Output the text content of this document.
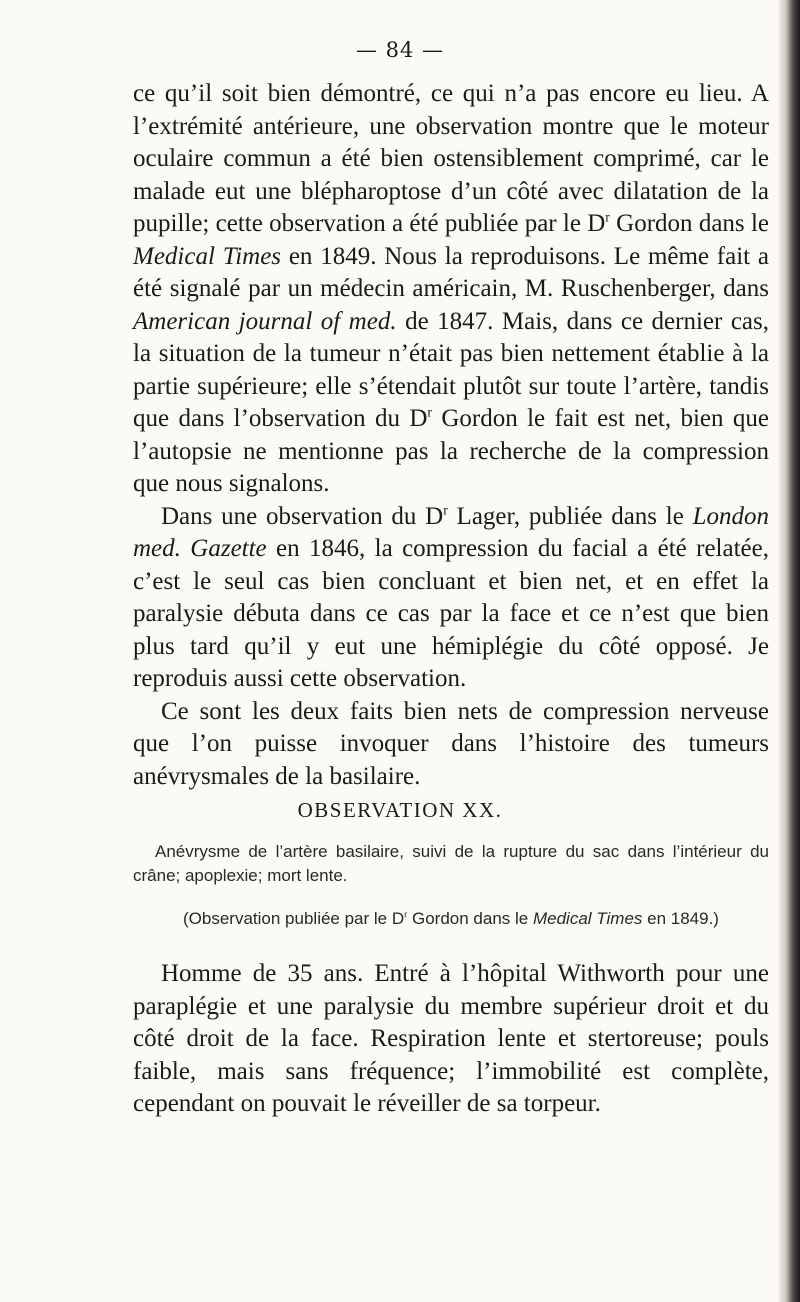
— 84 —

ce qu’il soit bien démontré, ce qui n’a pas encore eu lieu. A l’extrémité antérieure, une observation montre que le moteur oculaire commun a été bien ostensiblement comprimé, car le malade eut une blépharoptose d’un côté avec dilatation de la pupille; cette observation a été publiée par le $D^r$ Gordon dans le Medical Times en 1849. Nous la reproduisons. Le même fait a été signalé par un médecin américain, M. Ruschenberger, dans American journal of med. de 1847. Mais, dans ce dernier cas, la situation de la tumeur n’était pas bien nettement établie à la partie supérieure; elle s’étendait plutôt sur toute l’artère, tandis que dans l’observation du $D^r$ Gordon le fait est net, bien que l’autopsie ne mentionne pas la recherche de la compression que nous signalons.

Dans une observation du $D^r$ Lager, publiée dans le London med. Gazette en 1846, la compression du facial a été relatée, c’est le seul cas bien concluant et bien net, et en effet la paralysie débuta dans ce cas par la face et ce n’est que bien plus tard qu’il y eut une hémiplégie du côté opposé. Je reproduis aussi cette observation.

Ce sont les deux faits bien nets de compression nerveuse que l’on puisse invoquer dans l’histoire des tumeurs anévrysmales de la basilaire.

OBSERVATION XX.

Anévrysme de l’artère basilaire, suivi de la rupture du sac dans l’intérieur du crâne; apoplexie; mort lente.

(Observation publiée par le $D^r$ Gordon dans le Medical Times en 1849.)

Homme de 35 ans. Entré à l’hôpital Withworth pour une paraplégie et une paralysie du membre supérieur droit et du côté droit de la face. Respiration lente et stertoreuse; pouls faible, mais sans fréquence; l’immobilité est complète, cependant on pouvait le réveiller de sa torpeur.
